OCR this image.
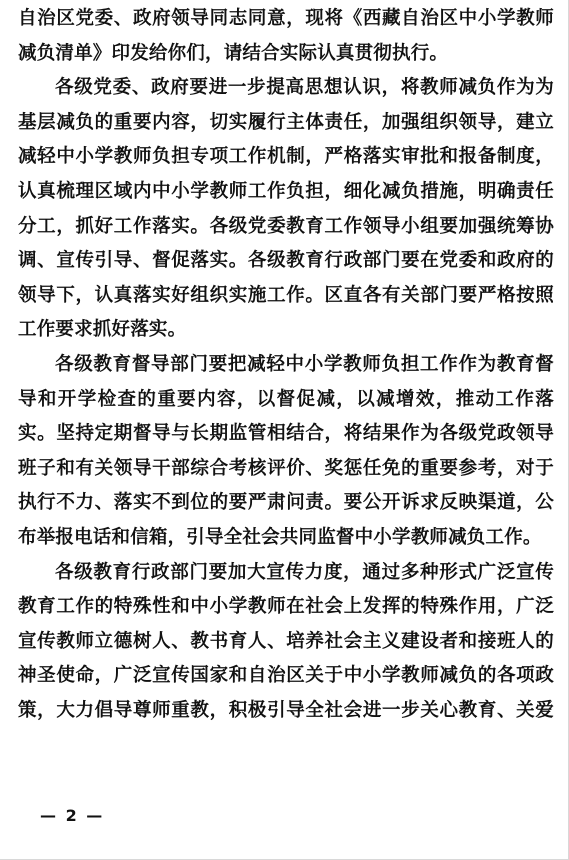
自治区党委、政府领导同志同意，现将《西藏自治区中小学教师
减负清单》印发给你们，请结合实际认真贯彻执行。
各级党委、政府要进一步提高思想认识，将教师减负作为为
基层减负的重要内容，切实履行主体责任，加强组织领导，建立
减轻中小学教师负担专项工作机制，严格落实审批和报备制度，
认真梳理区域内中小学教师工作负担，细化减负措施，明确责任
分工，抓好工作落实。各级党委教育工作领导小组要加强统筹协
调、宣传引导、督促落实。各级教育行政部门要在党委和政府的
领导下，认真落实好组织实施工作。区直各有关部门要严格按照
工作要求抓好落实。
各级教育督导部门要把减轻中小学教师负担工作作为教育督
导和开学检查的重要内容，以督促减，以减增效，推动工作落
实。坚持定期督导与长期监管相结合，将结果作为各级党政领导
班子和有关领导干部综合考核评价、奖惩任免的重要参考，对于
执行不力、落实不到位的要严肃问责。要公开诉求反映渠道，公
布举报电话和信箱，引导全社会共同监督中小学教师减负工作。
各级教育行政部门要加大宣传力度，通过多种形式广泛宣传
教育工作的特殊性和中小学教师在社会上发挥的特殊作用，广泛
宣传教师立德树人、教书育人、培养社会主义建设者和接班人的
神圣使命，广泛宣传国家和自治区关于中小学教师减负的各项政
策，大力倡导尊师重教，积极引导全社会进一步关心教育、关爱
— 2 —
